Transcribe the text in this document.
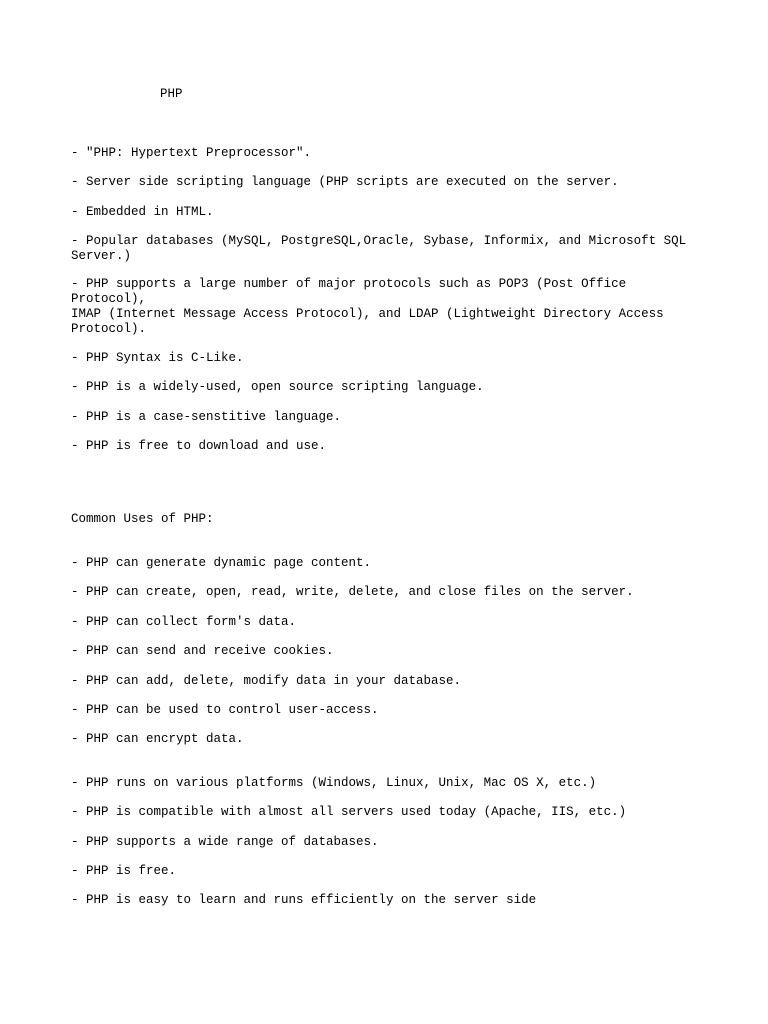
PHP

- "PHP: Hypertext Preprocessor".

- Server side scripting language (PHP scripts are executed on the server.

- Embedded in HTML.

- Popular databases (MySQL, PostgreSQL,Oracle, Sybase, Informix, and Microsoft SQL Server.)

- PHP supports a large number of major protocols such as POP3 (Post Office Protocol),
IMAP (Internet Message Access Protocol), and LDAP (Lightweight Directory Access Protocol).

- PHP Syntax is C-Like.

- PHP is a widely-used, open source scripting language.

- PHP is a case-senstitive language.

- PHP is free to download and use.

Common Uses of PHP:

- PHP can generate dynamic page content.

- PHP can create, open, read, write, delete, and close files on the server.

- PHP can collect form's data.

- PHP can send and receive cookies.

- PHP can add, delete, modify data in your database.

- PHP can be used to control user-access.

- PHP can encrypt data.

- PHP runs on various platforms (Windows, Linux, Unix, Mac OS X, etc.)

- PHP is compatible with almost all servers used today (Apache, IIS, etc.)

- PHP supports a wide range of databases.

- PHP is free.

- PHP is easy to learn and runs efficiently on the server side
